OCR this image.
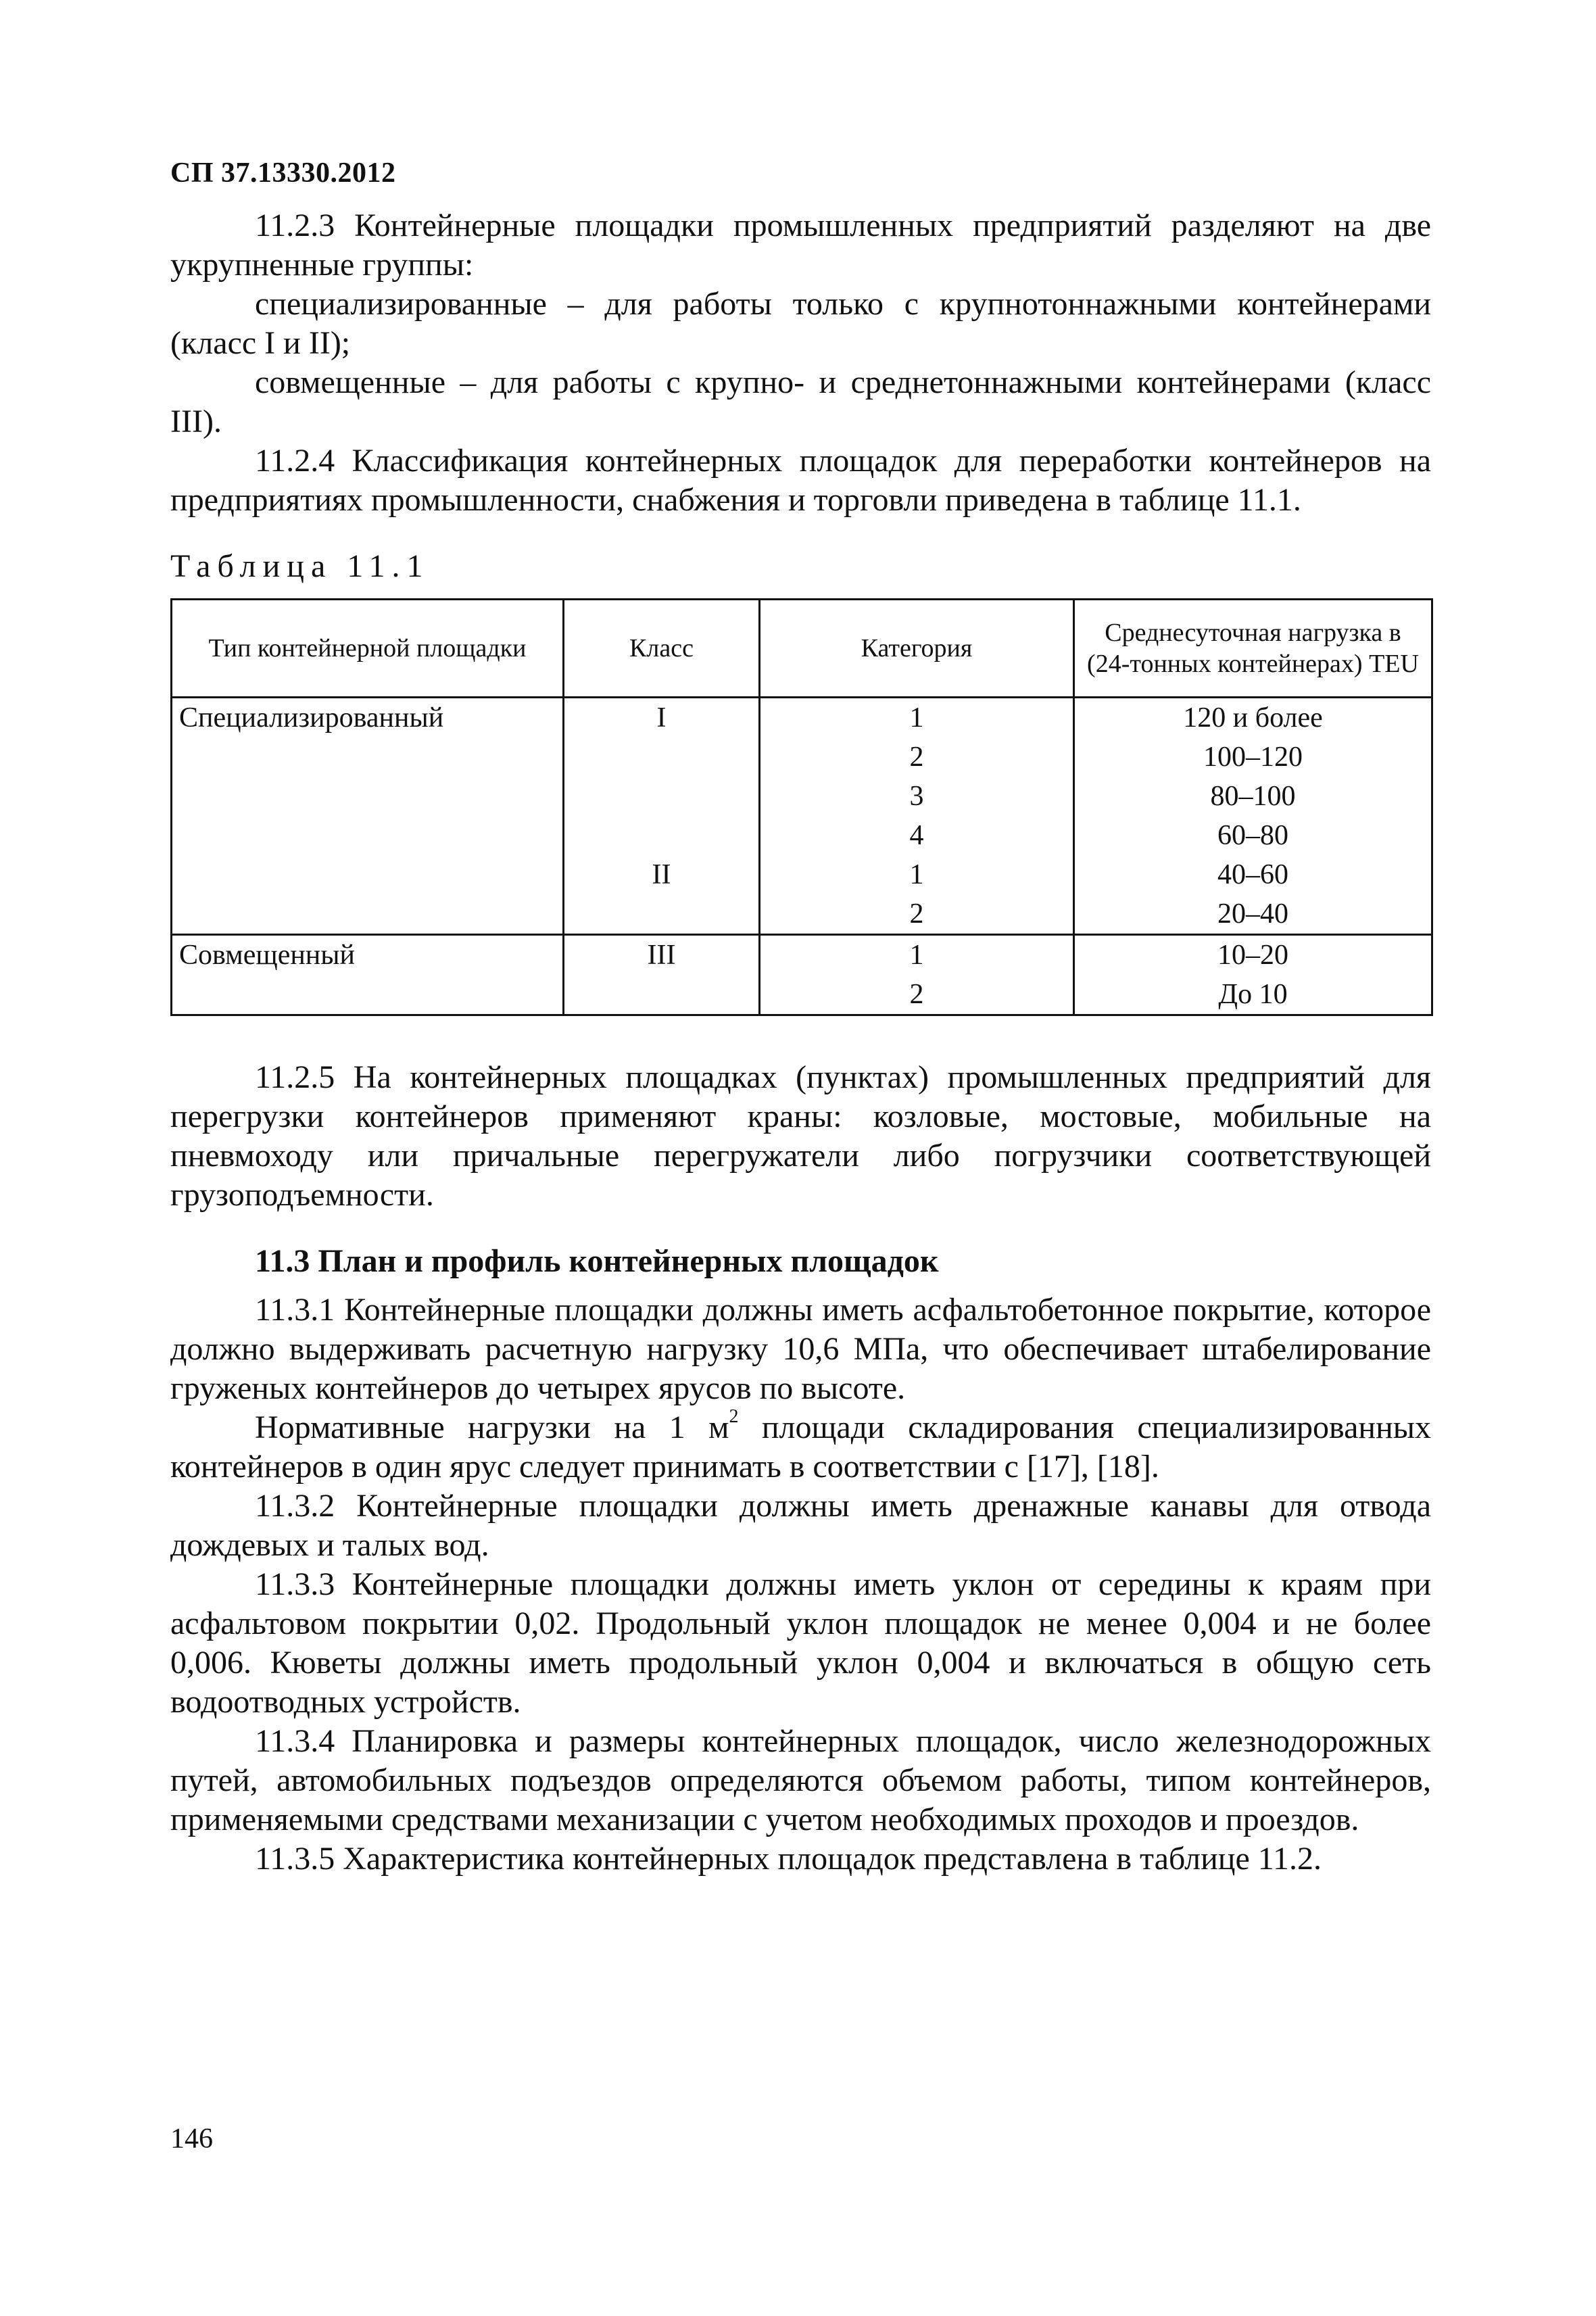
СП 37.13330.2012

11.2.3 Контейнерные площадки промышленных предприятий разделяют на две укрупненные группы:

специализированные – для работы только с крупнотоннажными контейнерами (класс I и II);

совмещенные – для работы с крупно- и среднетоннажными контейнерами (класс III).

11.2.4 Классификация контейнерных площадок для переработки контейнеров на предприятиях промышленности, снабжения и торговли приведена в таблице 11.1.

Таблица 11.1
Тип контейнерной площадки	Класс	Категория	Среднесуточная нагрузка в (24-тонных контейнерах) TEU
Специализированный	I	1	120 и более
		2	100–120
		3	80–100
		4	60–80
	II	1	40–60
		2	20–40
Совмещенный	III	1	10–20
		2	До 10

11.2.5 На контейнерных площадках (пунктах) промышленных предприятий для перегрузки контейнеров применяют краны: козловые, мостовые, мобильные на пневмоходу или причальные перегружатели либо погрузчики соответствующей грузоподъемности.

11.3 План и профиль контейнерных площадок

11.3.1 Контейнерные площадки должны иметь асфальтобетонное покрытие, которое должно выдерживать расчетную нагрузку 10,6 МПа, что обеспечивает штабелирование груженых контейнеров до четырех ярусов по высоте.

Нормативные нагрузки на 1 $м^2$ площади складирования специализированных контейнеров в один ярус следует принимать в соответствии с [17], [18].

11.3.2 Контейнерные площадки должны иметь дренажные канавы для отвода дождевых и талых вод.

11.3.3 Контейнерные площадки должны иметь уклон от середины к краям при асфальтовом покрытии 0,02. Продольный уклон площадок не менее 0,004 и не более 0,006. Кюветы должны иметь продольный уклон 0,004 и включаться в общую сеть водоотводных устройств.

11.3.4 Планировка и размеры контейнерных площадок, число железнодорожных путей, автомобильных подъездов определяются объемом работы, типом контейнеров, применяемыми средствами механизации с учетом необходимых проходов и проездов.

11.3.5 Характеристика контейнерных площадок представлена в таблице 11.2.

146
